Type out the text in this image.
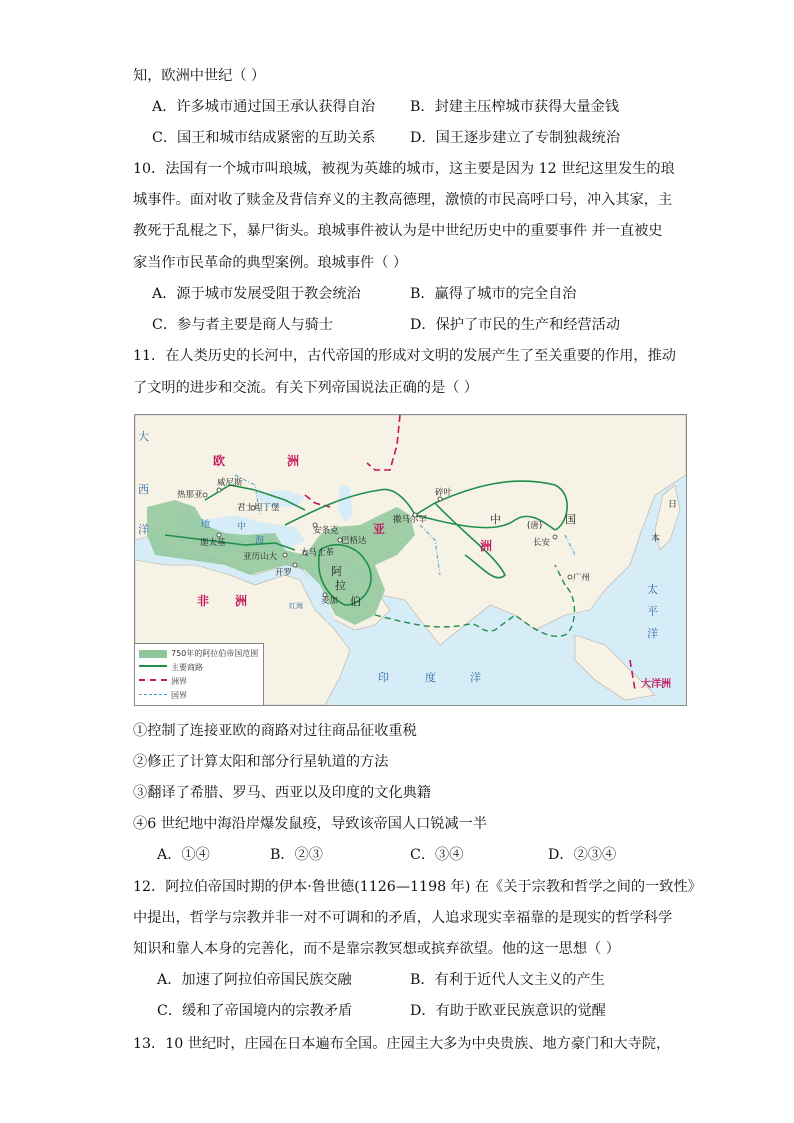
知，欧洲中世纪（ ）
A．许多城市通过国王承认获得自治 B．封建主压榨城市获得大量金钱
C．国王和城市结成紧密的互助关系 D．国王逐步建立了专制独裁统治
10．法国有一个城市叫琅城，被视为英雄的城市，这主要是因为 12 世纪这里发生的琅
城事件。面对收了赎金及背信弃义的主教高德理，激愤的市民高呼口号，冲入其家，主
教死于乱棍之下，暴尸街头。琅城事件被认为是中世纪历史中的重要事件 并一直被史
家当作市民革命的典型案例。琅城事件（ ）
A．源于城市发展受阻于教会统治	B．赢得了城市的完全自治
C．参与者主要是商人与骑士	D．保护了市民的生产和经营活动
11．在人类历史的长河中，古代帝国的形成对文明的发展产生了至关重要的作用，推动
了文明的进步和交流。有关下列帝国说法正确的是（ ）
欧	洲
亚
洲
非 洲
大洋洲
中	(唐) 国
阿
拉
伯
印	度	洋
太
平
洋
大
西
洋
日
本
红海
地	中
海
威尼斯
热那亚
君士坦丁堡
迦太基
亚历山大
开罗
大马士革
安条克
巴格达
撒马尔罕
碎叶
长安
广州
麦加
750年的阿拉伯帝国范围
主要商路
洲界
国界
①控制了连接亚欧的商路对过往商品征收重税
②修正了计算太阳和部分行星轨道的方法
③翻译了希腊、罗马、西亚以及印度的文化典籍
④6 世纪地中海沿岸爆发鼠疫，导致该帝国人口锐减一半
A．①④	B．②③	C．③④	D．②③④
12．阿拉伯帝国时期的伊本·鲁世德(1126—1198 年) 在《关于宗教和哲学之间的一致性》
中提出，哲学与宗教并非一对不可调和的矛盾，人追求现实幸福靠的是现实的哲学科学
知识和靠人本身的完善化，而不是靠宗教冥想或摈弃欲望。他的这一思想（ ）
A．加速了阿拉伯帝国民族交融	B．有利于近代人文主义的产生
C．缓和了帝国境内的宗教矛盾	D．有助于欧亚民族意识的觉醒
13．10 世纪时，庄园在日本遍布全国。庄园主大多为中央贵族、地方豪门和大寺院，
